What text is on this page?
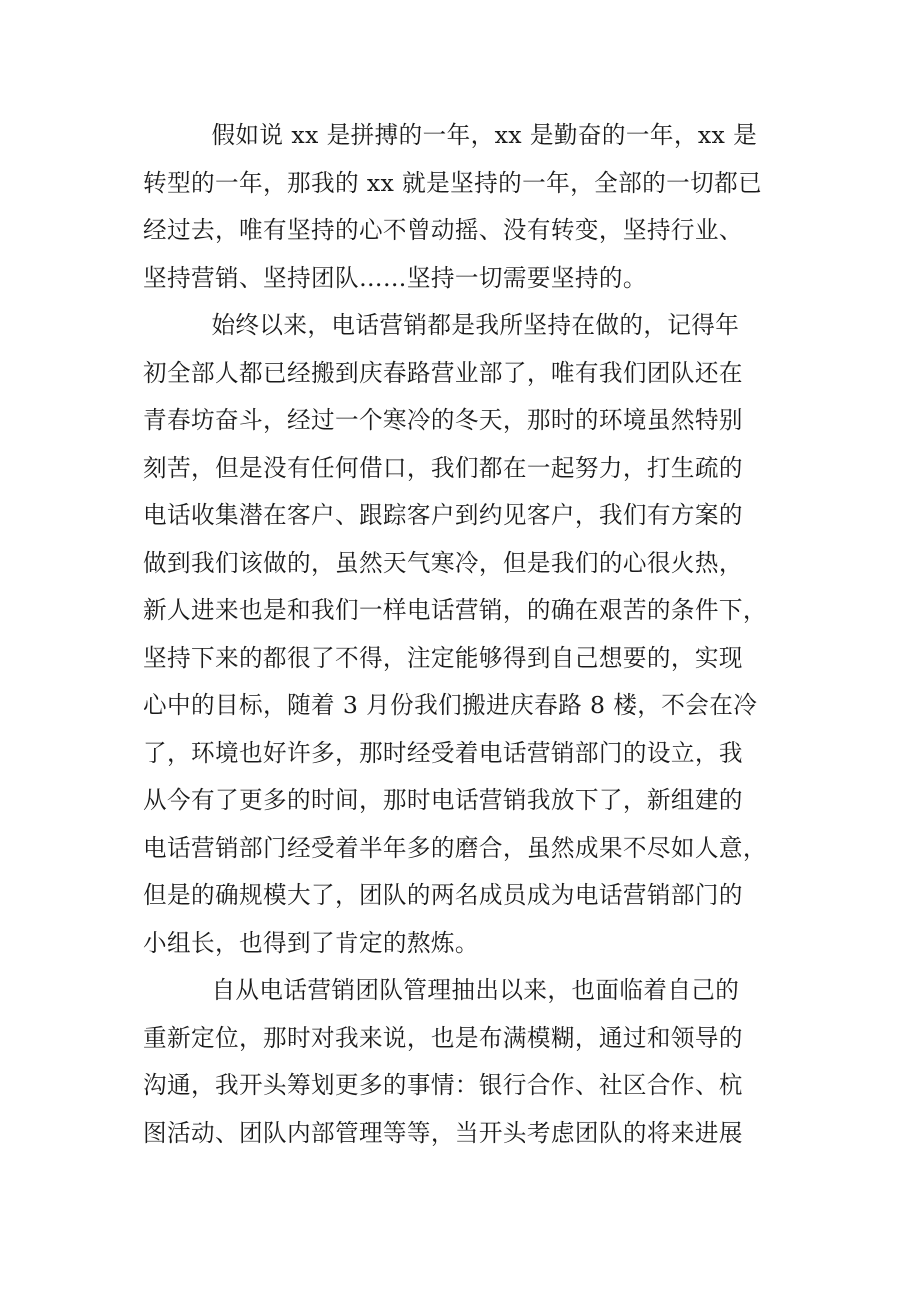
假如说 xx 是拼搏的一年，xx 是勤奋的一年，xx 是
转型的一年，那我的 xx 就是坚持的一年，全部的一切都已
经过去，唯有坚持的心不曾动摇、没有转变，坚持行业、
坚持营销、坚持团队……坚持一切需要坚持的。

始终以来，电话营销都是我所坚持在做的，记得年
初全部人都已经搬到庆春路营业部了，唯有我们团队还在
青春坊奋斗，经过一个寒冷的冬天，那时的环境虽然特别
刻苦，但是没有任何借口，我们都在一起努力，打生疏的
电话收集潜在客户、跟踪客户到约见客户，我们有方案的
做到我们该做的，虽然天气寒冷，但是我们的心很火热，
新人进来也是和我们一样电话营销，的确在艰苦的条件下，
坚持下来的都很了不得，注定能够得到自己想要的，实现
心中的目标，随着 3 月份我们搬进庆春路 8 楼，不会在冷
了，环境也好许多，那时经受着电话营销部门的设立，我
从今有了更多的时间，那时电话营销我放下了，新组建的
电话营销部门经受着半年多的磨合，虽然成果不尽如人意，
但是的确规模大了，团队的两名成员成为电话营销部门的
小组长，也得到了肯定的熬炼。

自从电话营销团队管理抽出以来，也面临着自己的
重新定位，那时对我来说，也是布满模糊，通过和领导的
沟通，我开头筹划更多的事情：银行合作、社区合作、杭
图活动、团队内部管理等等，当开头考虑团队的将来进展
